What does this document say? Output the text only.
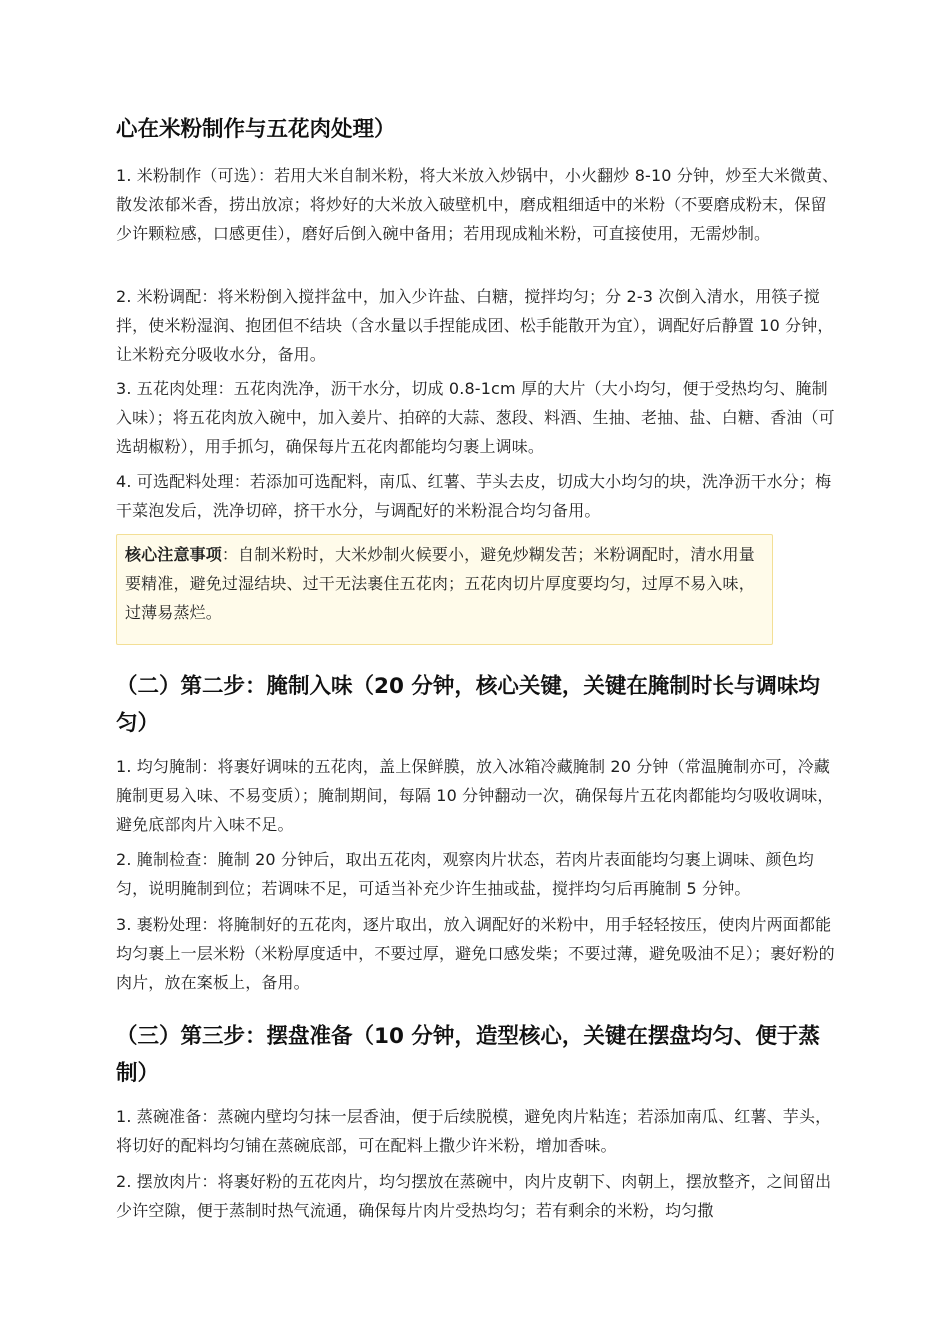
心在米粉制作与五花肉处理）

1. 米粉制作（可选）：若用大米自制米粉，将大米放入炒锅中，小火翻炒 8-10 分钟，炒至大米微黄、散发浓郁米香，捞出放凉；将炒好的大米放入破壁机中，磨成粗细适中的米粉（不要磨成粉末，保留少许颗粒感，口感更佳），磨好后倒入碗中备用；若用现成籼米粉，可直接使用，无需炒制。

2. 米粉调配：将米粉倒入搅拌盆中，加入少许盐、白糖，搅拌均匀；分 2-3 次倒入清水，用筷子搅拌，使米粉湿润、抱团但不结块（含水量以手捏能成团、松手能散开为宜），调配好后静置 10 分钟，让米粉充分吸收水分，备用。

3. 五花肉处理：五花肉洗净，沥干水分，切成 0.8-1cm 厚的大片（大小均匀，便于受热均匀、腌制入味）；将五花肉放入碗中，加入姜片、拍碎的大蒜、葱段、料酒、生抽、老抽、盐、白糖、香油（可选胡椒粉），用手抓匀，确保每片五花肉都能均匀裹上调味。

4. 可选配料处理：若添加可选配料，南瓜、红薯、芋头去皮，切成大小均匀的块，洗净沥干水分；梅干菜泡发后，洗净切碎，挤干水分，与调配好的米粉混合均匀备用。

核心注意事项：自制米粉时，大米炒制火候要小，避免炒糊发苦；米粉调配时，清水用量要精准，避免过湿结块、过干无法裹住五花肉；五花肉切片厚度要均匀，过厚不易入味，过薄易蒸烂。

（二）第二步：腌制入味（20 分钟，核心关键，关键在腌制时长与调味均匀）

1. 均匀腌制：将裹好调味的五花肉，盖上保鲜膜，放入冰箱冷藏腌制 20 分钟（常温腌制亦可，冷藏腌制更易入味、不易变质）；腌制期间，每隔 10 分钟翻动一次，确保每片五花肉都能均匀吸收调味，避免底部肉片入味不足。

2. 腌制检查：腌制 20 分钟后，取出五花肉，观察肉片状态，若肉片表面能均匀裹上调味、颜色均匀，说明腌制到位；若调味不足，可适当补充少许生抽或盐，搅拌均匀后再腌制 5 分钟。

3. 裹粉处理：将腌制好的五花肉，逐片取出，放入调配好的米粉中，用手轻轻按压，使肉片两面都能均匀裹上一层米粉（米粉厚度适中，不要过厚，避免口感发柴；不要过薄，避免吸油不足）；裹好粉的肉片，放在案板上，备用。

（三）第三步：摆盘准备（10 分钟，造型核心，关键在摆盘均匀、便于蒸制）

1. 蒸碗准备：蒸碗内壁均匀抹一层香油，便于后续脱模，避免肉片粘连；若添加南瓜、红薯、芋头，将切好的配料均匀铺在蒸碗底部，可在配料上撒少许米粉，增加香味。

2. 摆放肉片：将裹好粉的五花肉片，均匀摆放在蒸碗中，肉片皮朝下、肉朝上，摆放整齐，之间留出少许空隙，便于蒸制时热气流通，确保每片肉片受热均匀；若有剩余的米粉，均匀撒
